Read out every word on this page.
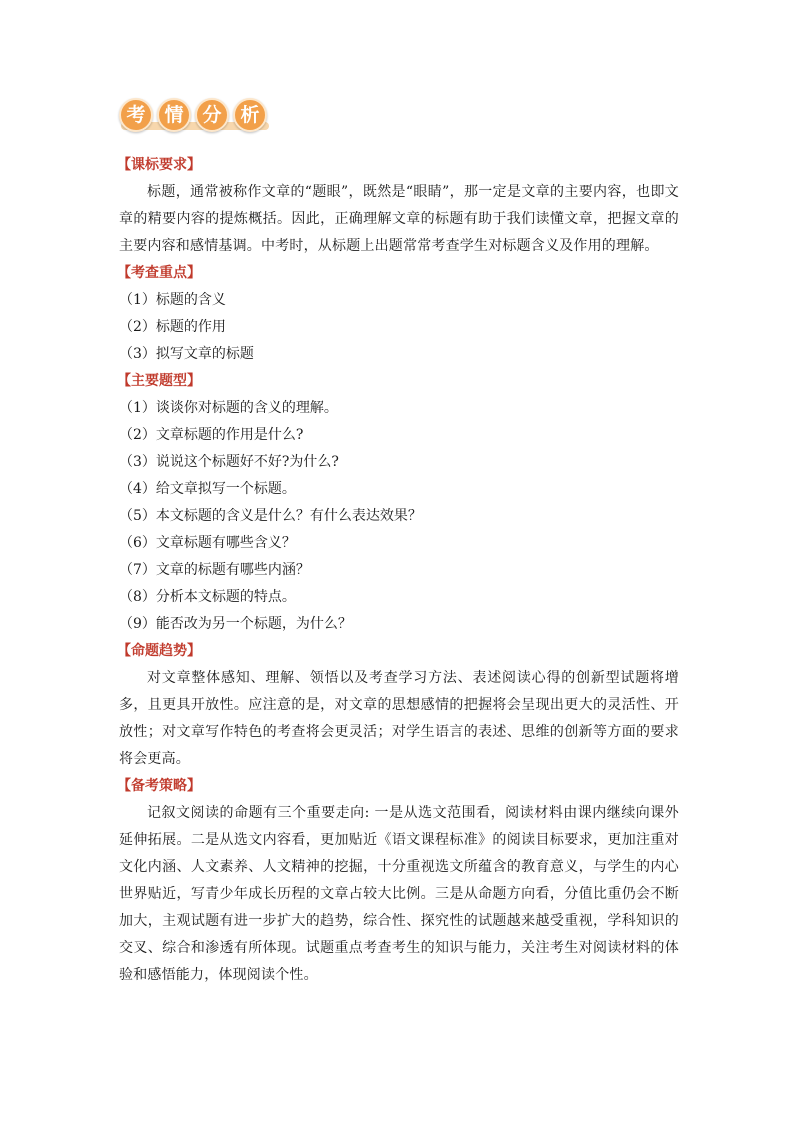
考 情 分 析
【课标要求】
标题，通常被称作文章的“题眼”，既然是“眼睛”，那一定是文章的主要内容，也即文章的精要内容的提炼概括。因此，正确理解文章的标题有助于我们读懂文章，把握文章的主要内容和感情基调。中考时，从标题上出题常常考查学生对标题含义及作用的理解。
【考查重点】
（1）标题的含义
（2）标题的作用
（3）拟写文章的标题
【主要题型】
（1）谈谈你对标题的含义的理解。
（2）文章标题的作用是什么?
（3）说说这个标题好不好?为什么?
（4）给文章拟写一个标题。
（5）本文标题的含义是什么？有什么表达效果？
（6）文章标题有哪些含义？
（7）文章的标题有哪些内涵？
（8）分析本文标题的特点。
（9）能否改为另一个标题，为什么？
【命题趋势】
对文章整体感知、理解、领悟以及考查学习方法、表述阅读心得的创新型试题将增多，且更具开放性。应注意的是，对文章的思想感情的把握将会呈现出更大的灵活性、开放性；对文章写作特色的考查将会更灵活；对学生语言的表述、思维的创新等方面的要求将会更高。
【备考策略】
记叙文阅读的命题有三个重要走向: 一是从选文范围看，阅读材料由课内继续向课外延伸拓展。二是从选文内容看，更加贴近《语文课程标准》的阅读目标要求，更加注重对文化内涵、人文素养、人文精神的挖掘，十分重视选文所蕴含的教育意义，与学生的内心世界贴近，写青少年成长历程的文章占较大比例。三是从命题方向看，分值比重仍会不断加大，主观试题有进一步扩大的趋势，综合性、探究性的试题越来越受重视，学科知识的交叉、综合和渗透有所体现。试题重点考查考生的知识与能力，关注考生对阅读材料的体验和感悟能力，体现阅读个性。
